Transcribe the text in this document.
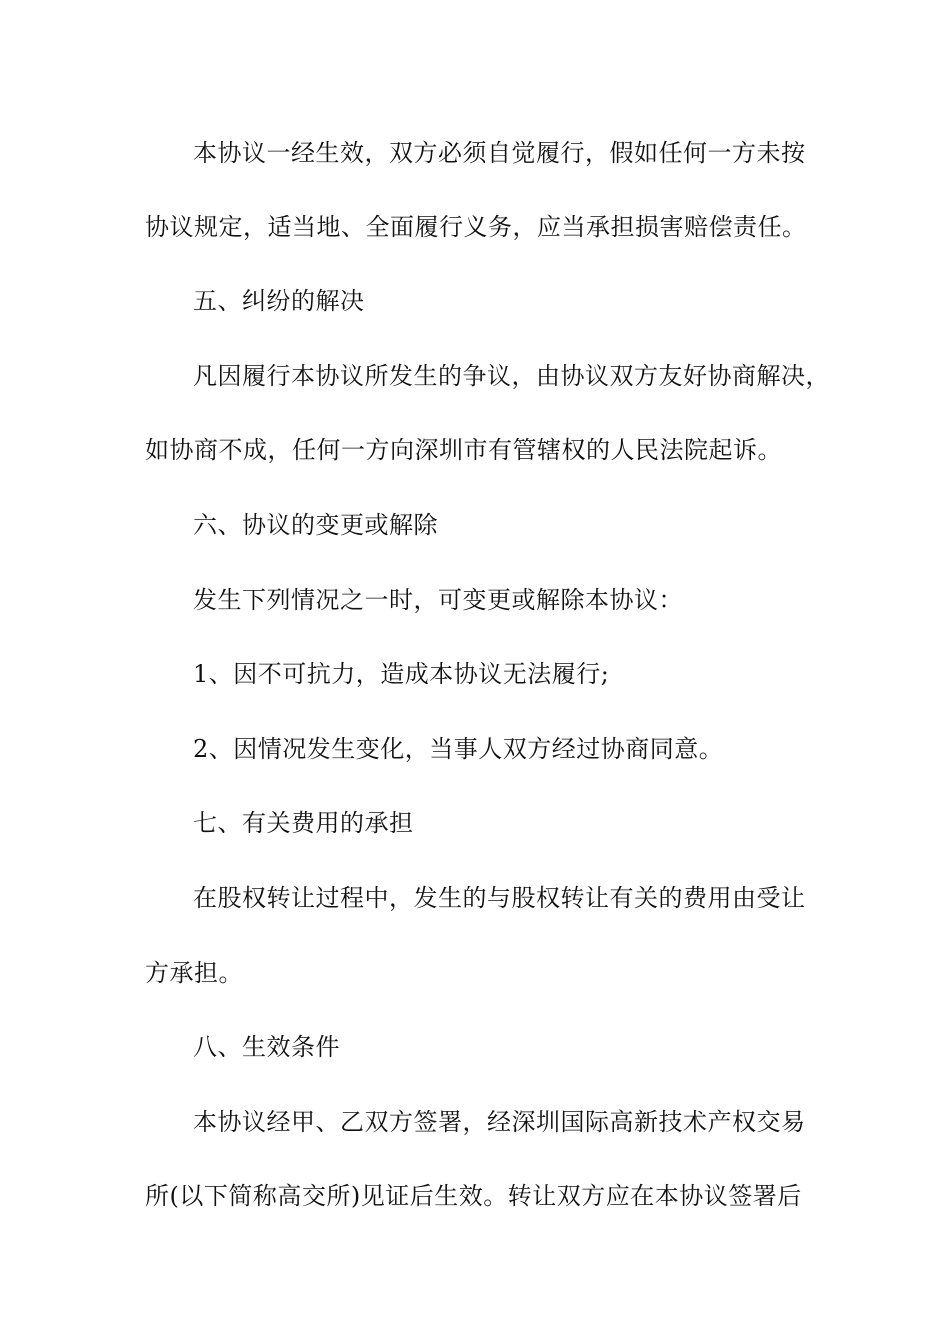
本协议一经生效，双方必须自觉履行，假如任何一方未按
协议规定，适当地、全面履行义务，应当承担损害赔偿责任。
五、纠纷的解决
凡因履行本协议所发生的争议，由协议双方友好协商解决，
如协商不成，任何一方向深圳市有管辖权的人民法院起诉。
六、协议的变更或解除
发生下列情况之一时，可变更或解除本协议：
1、因不可抗力，造成本协议无法履行;
2、因情况发生变化，当事人双方经过协商同意。
七、有关费用的承担
在股权转让过程中，发生的与股权转让有关的费用由受让
方承担。
八、生效条件
本协议经甲、乙双方签署，经深圳国际高新技术产权交易
所(以下简称高交所)见证后生效。转让双方应在本协议签署后
